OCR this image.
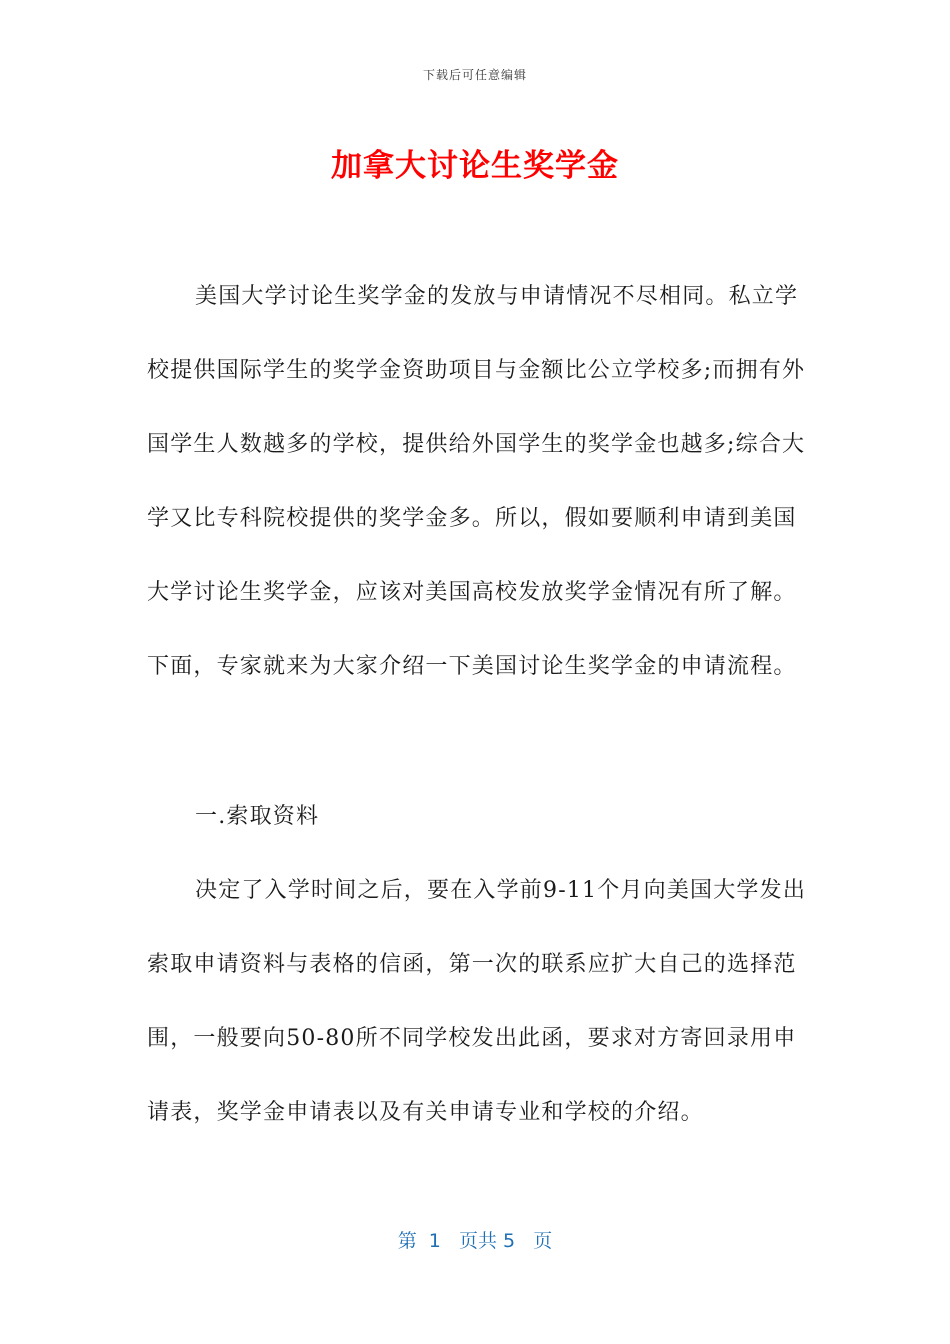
下载后可任意编辑
加拿大讨论生奖学金

美国大学讨论生奖学金的发放与申请情况不尽相同。私立学校提供国际学生的奖学金资助项目与金额比公立学校多;而拥有外国学生人数越多的学校，提供给外国学生的奖学金也越多;综合大学又比专科院校提供的奖学金多。所以，假如要顺利申请到美国大学讨论生奖学金，应该对美国高校发放奖学金情况有所了解。下面，专家就来为大家介绍一下美国讨论生奖学金的申请流程。

一.索取资料

决定了入学时间之后，要在入学前9-11个月向美国大学发出索取申请资料与表格的信函，第一次的联系应扩大自己的选择范围，一般要向50-80所不同学校发出此函，要求对方寄回录用申请表，奖学金申请表以及有关申请专业和学校的介绍。

第  1   页共 5   页
